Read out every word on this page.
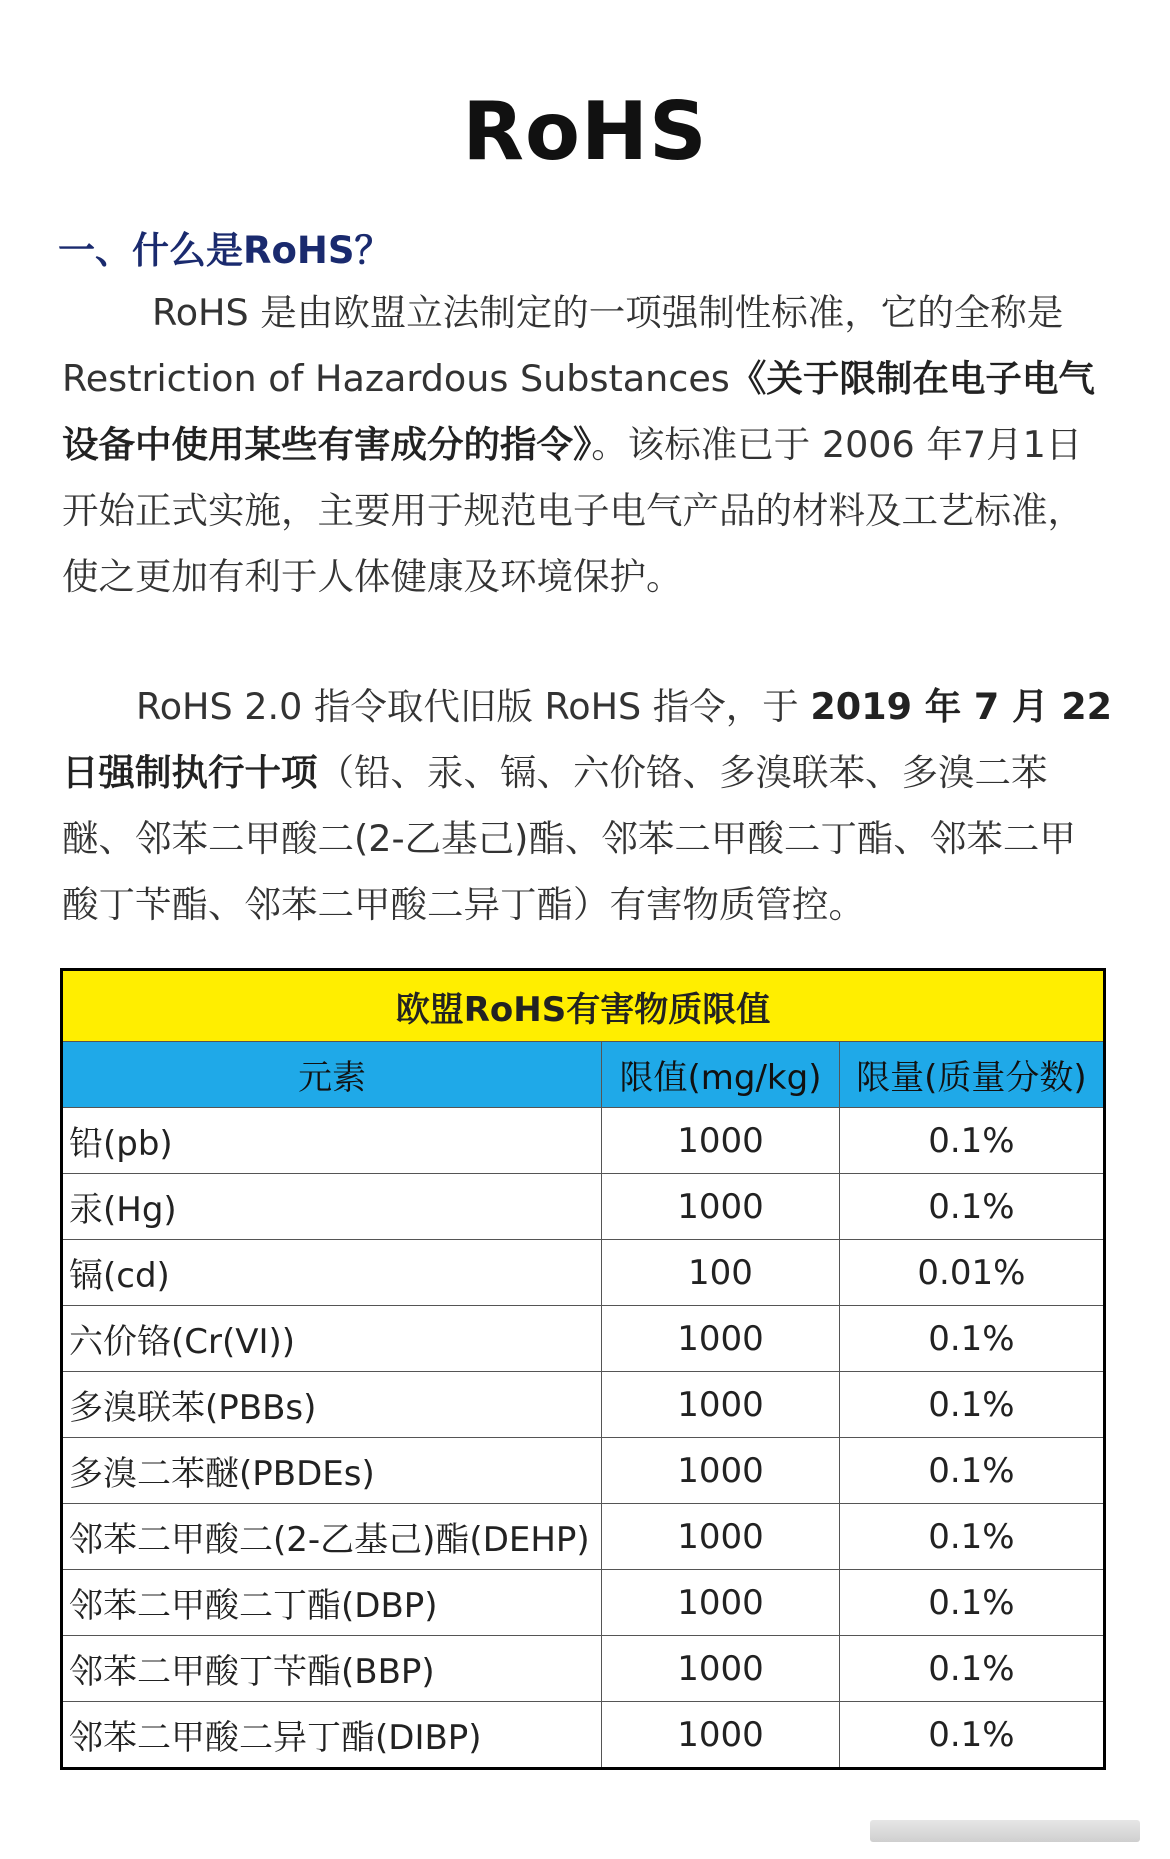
RoHS
一、什么是RoHS？
RoHS 是由欧盟立法制定的一项强制性标准，它的全称是 Restriction of Hazardous Substances《关于限制在电子电气设备中使用某些有害成分的指令》。该标准已于 2006 年7月1日开始正式实施，主要用于规范电子电气产品的材料及工艺标准，使之更加有利于人体健康及环境保护。
RoHS 2.0 指令取代旧版 RoHS 指令，于 2019 年 7 月 22 日强制执行十项（铅、汞、镉、六价铬、多溴联苯、多溴二苯醚、邻苯二甲酸二(2-乙基己)酯、邻苯二甲酸二丁酯、邻苯二甲酸丁苄酯、邻苯二甲酸二异丁酯）有害物质管控。
欧盟RoHS有害物质限值		
元素	限值(mg/kg)	限量(质量分数)
铅(pb)	1000	0.1%
汞(Hg)	1000	0.1%
镉(cd)	100	0.01%
六价铬(Cr(VI))	1000	0.1%
多溴联苯(PBBs)	1000	0.1%
多溴二苯醚(PBDEs)	1000	0.1%
邻苯二甲酸二(2-乙基己)酯(DEHP)	1000	0.1%
邻苯二甲酸二丁酯(DBP)	1000	0.1%
邻苯二甲酸丁苄酯(BBP)	1000	0.1%
邻苯二甲酸二异丁酯(DIBP)	1000	0.1%
